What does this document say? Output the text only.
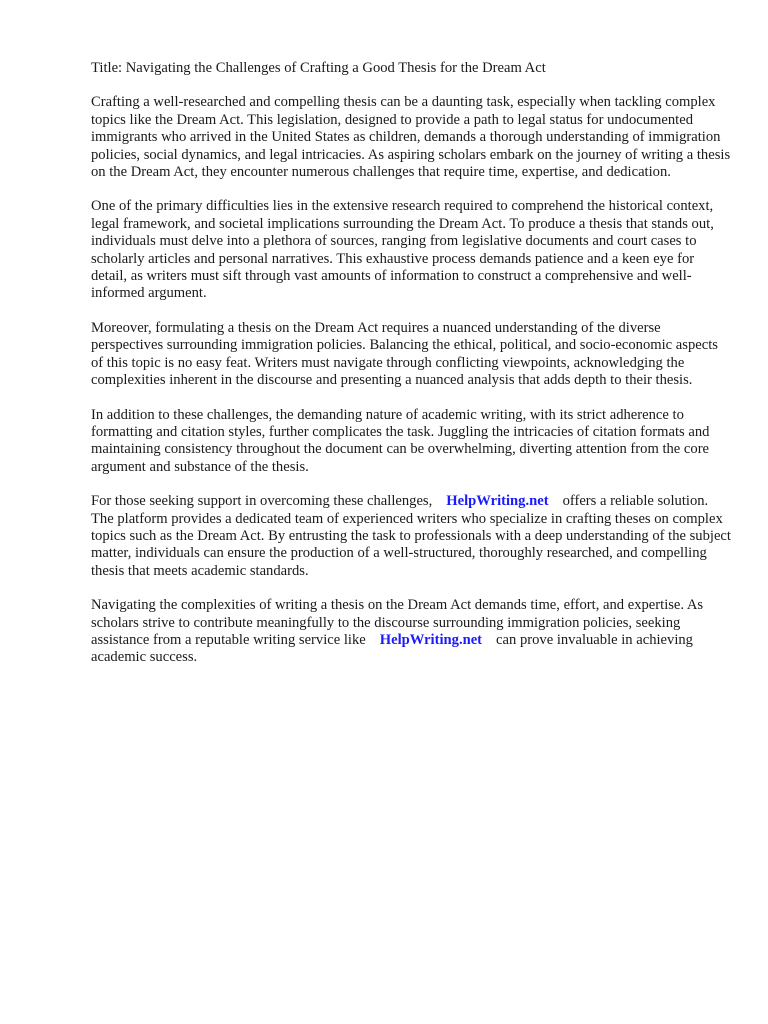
Title: Navigating the Challenges of Crafting a Good Thesis for the Dream Act

Crafting a well-researched and compelling thesis can be a daunting task, especially when tackling complex topics like the Dream Act. This legislation, designed to provide a path to legal status for undocumented immigrants who arrived in the United States as children, demands a thorough understanding of immigration policies, social dynamics, and legal intricacies. As aspiring scholars embark on the journey of writing a thesis on the Dream Act, they encounter numerous challenges that require time, expertise, and dedication.

One of the primary difficulties lies in the extensive research required to comprehend the historical context, legal framework, and societal implications surrounding the Dream Act. To produce a thesis that stands out, individuals must delve into a plethora of sources, ranging from legislative documents and court cases to scholarly articles and personal narratives. This exhaustive process demands patience and a keen eye for detail, as writers must sift through vast amounts of information to construct a comprehensive and well-informed argument.

Moreover, formulating a thesis on the Dream Act requires a nuanced understanding of the diverse perspectives surrounding immigration policies. Balancing the ethical, political, and socio-economic aspects of this topic is no easy feat. Writers must navigate through conflicting viewpoints, acknowledging the complexities inherent in the discourse and presenting a nuanced analysis that adds depth to their thesis.

In addition to these challenges, the demanding nature of academic writing, with its strict adherence to formatting and citation styles, further complicates the task. Juggling the intricacies of citation formats and maintaining consistency throughout the document can be overwhelming, diverting attention from the core argument and substance of the thesis.

For those seeking support in overcoming these challenges, HelpWriting.net offers a reliable solution. The platform provides a dedicated team of experienced writers who specialize in crafting theses on complex topics such as the Dream Act. By entrusting the task to professionals with a deep understanding of the subject matter, individuals can ensure the production of a well-structured, thoroughly researched, and compelling thesis that meets academic standards.

Navigating the complexities of writing a thesis on the Dream Act demands time, effort, and expertise. As scholars strive to contribute meaningfully to the discourse surrounding immigration policies, seeking assistance from a reputable writing service like HelpWriting.net can prove invaluable in achieving academic success.
